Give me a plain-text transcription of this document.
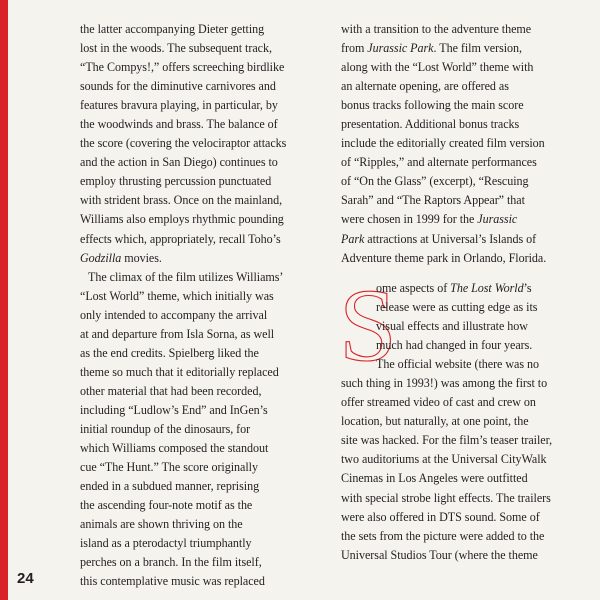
the latter accompanying Dieter getting
lost in the woods. The subsequent track,
“The Compys!,” offers screeching birdlike
sounds for the diminutive carnivores and
features bravura playing, in particular, by
the woodwinds and brass. The balance of
the score (covering the velociraptor attacks
and the action in San Diego) continues to
employ thrusting percussion punctuated
with strident brass. Once on the mainland,
Williams also employs rhythmic pounding
effects which, appropriately, recall Toho’s
Godzilla movies.

The climax of the film utilizes Williams’
“Lost World” theme, which initially was
only intended to accompany the arrival
at and departure from Isla Sorna, as well
as the end credits. Spielberg liked the
theme so much that it editorially replaced
other material that had been recorded,
including “Ludlow’s End” and InGen’s
initial roundup of the dinosaurs, for
which Williams composed the standout
cue “The Hunt.” The score originally
ended in a subdued manner, reprising
the ascending four-note motif as the
animals are shown thriving on the
island as a pterodactyl triumphantly
perches on a branch. In the film itself,
this contemplative music was replaced

with a transition to the adventure theme
from Jurassic Park. The film version,
along with the “Lost World” theme with
an alternate opening, are offered as
bonus tracks following the main score
presentation. Additional bonus tracks
include the editorially created film version
of “Ripples,” and alternate performances
of “On the Glass” (excerpt), “Rescuing
Sarah” and “The Raptors Appear” that
were chosen in 1999 for the Jurassic
Park attractions at Universal’s Islands of
Adventure theme park in Orlando, Florida.

S
ome aspects of The Lost World’s
release were as cutting edge as its
visual effects and illustrate how
much had changed in four years.
The official website (there was no
such thing in 1993!) was among the first to
offer streamed video of cast and crew on
location, but naturally, at one point, the
site was hacked. For the film’s teaser trailer,
two auditoriums at the Universal CityWalk
Cinemas in Los Angeles were outfitted
with special strobe light effects. The trailers
were also offered in DTS sound. Some of
the sets from the picture were added to the
Universal Studios Tour (where the theme
24
